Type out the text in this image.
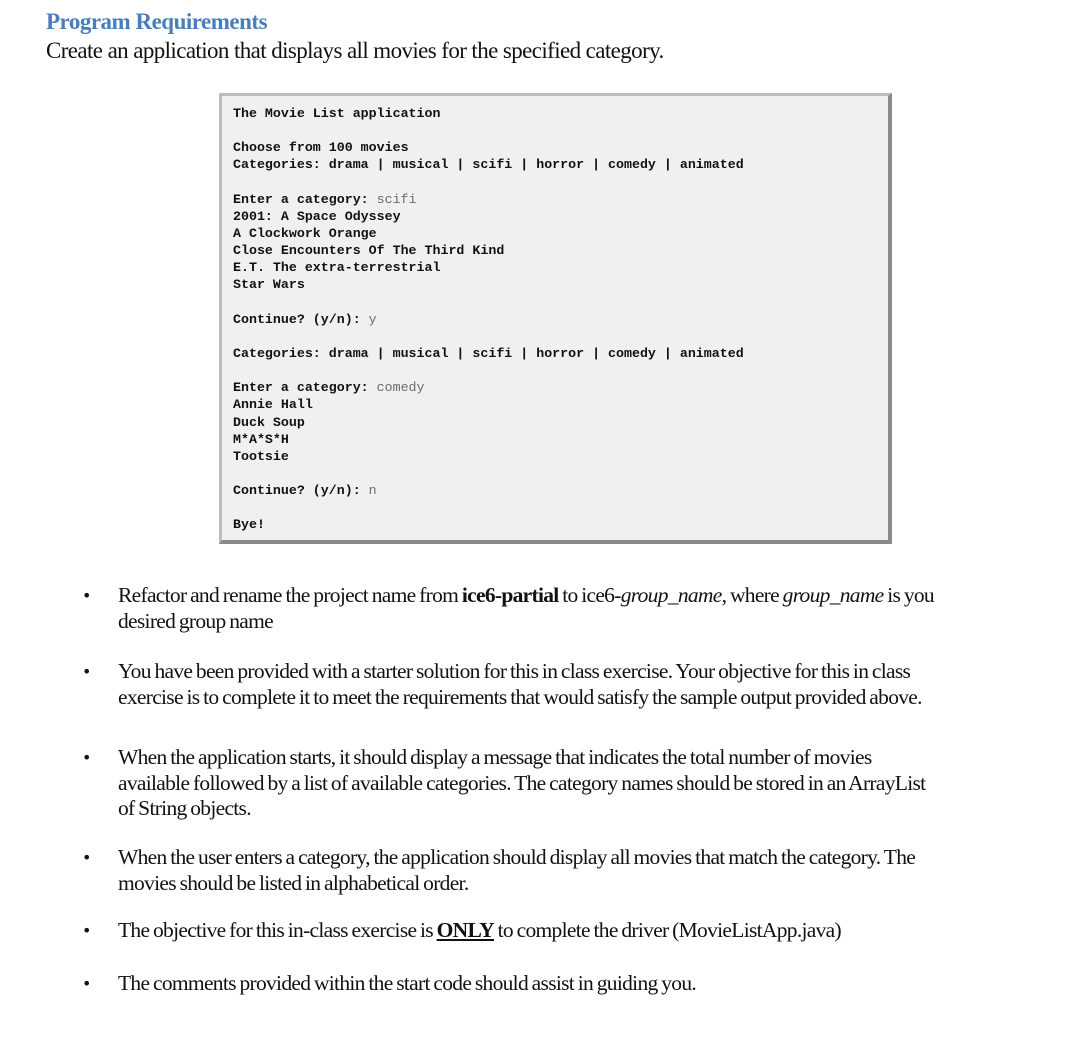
Program Requirements
Create an application that displays all movies for the specified category.
The Movie List application
Choose from 100 movies
Categories: drama | musical | scifi | horror | comedy | animated
Enter a category: scifi
2001: A Space Odyssey
A Clockwork Orange
Close Encounters Of The Third Kind
E.T. The extra-terrestrial
Star Wars
Continue? (y/n): y
Categories: drama | musical | scifi | horror | comedy | animated
Enter a category: comedy
Annie Hall
Duck Soup
M*A*S*H
Tootsie
Continue? (y/n): n
Bye!
• Refactor and rename the project name from ice6-partial to ice6-group_name, where group_name is you
desired group name
• You have been provided with a starter solution for this in class exercise. Your objective for this in class
exercise is to complete it to meet the requirements that would satisfy the sample output provided above.
• When the application starts, it should display a message that indicates the total number of movies
available followed by a list of available categories. The category names should be stored in an ArrayList
of String objects.
• When the user enters a category, the application should display all movies that match the category. The
movies should be listed in alphabetical order.
• The objective for this in-class exercise is ONLY to complete the driver (MovieListApp.java)
• The comments provided within the start code should assist in guiding you.
